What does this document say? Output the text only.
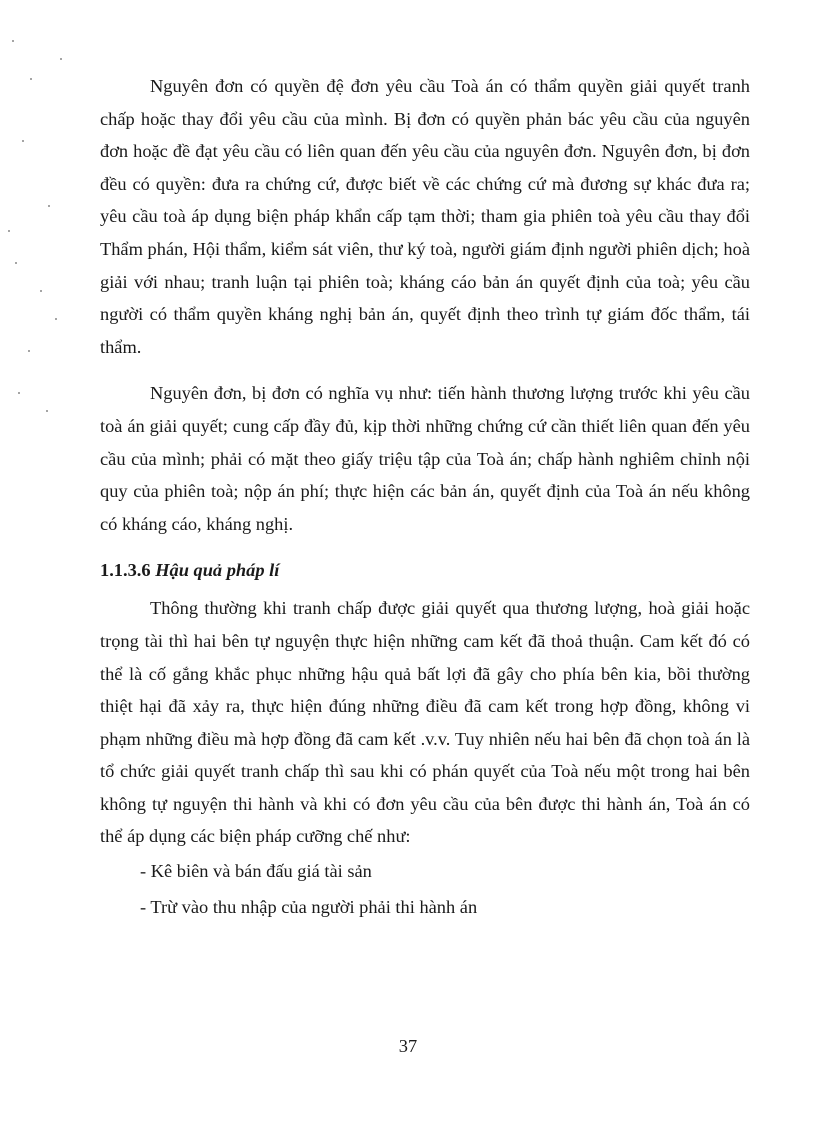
Nguyên đơn có quyền đệ đơn yêu cầu Toà án có thẩm quyền giải quyết tranh chấp hoặc thay đổi yêu cầu của mình. Bị đơn có quyền phản bác yêu cầu của nguyên đơn hoặc đề đạt yêu cầu có liên quan đến yêu cầu của nguyên đơn. Nguyên đơn, bị đơn đều có quyền: đưa ra chứng cứ, được biết về các chứng cứ mà đương sự khác đưa ra; yêu cầu toà áp dụng biện pháp khẩn cấp tạm thời; tham gia phiên toà yêu cầu thay đổi Thẩm phán, Hội thẩm, kiểm sát viên, thư ký toà, người giám định người phiên dịch; hoà giải với nhau; tranh luận tại phiên toà; kháng cáo bản án quyết định của toà; yêu cầu người có thẩm quyền kháng nghị bản án, quyết định theo trình tự giám đốc thẩm, tái thẩm.

Nguyên đơn, bị đơn có nghĩa vụ như: tiến hành thương lượng trước khi yêu cầu toà án giải quyết; cung cấp đầy đủ, kịp thời những chứng cứ cần thiết liên quan đến yêu cầu của mình; phải có mặt theo giấy triệu tập của Toà án; chấp hành nghiêm chỉnh nội quy của phiên toà; nộp án phí; thực hiện các bản án, quyết định của Toà án nếu không có kháng cáo, kháng nghị.

1.1.3.6 Hậu quả pháp lí

Thông thường khi tranh chấp được giải quyết qua thương lượng, hoà giải hoặc trọng tài thì hai bên tự nguyện thực hiện những cam kết đã thoả thuận. Cam kết đó có thể là cố gắng khắc phục những hậu quả bất lợi đã gây cho phía bên kia, bồi thường thiệt hại đã xảy ra, thực hiện đúng những điều đã cam kết trong hợp đồng, không vi phạm những điều mà hợp đồng đã cam kết .v.v. Tuy nhiên nếu hai bên đã chọn toà án là tổ chức giải quyết tranh chấp thì sau khi có phán quyết của Toà nếu một trong hai bên không tự nguyện thi hành và khi có đơn yêu cầu của bên được thi hành án, Toà án có thể áp dụng các biện pháp cưỡng chế như:

- Kê biên và bán đấu giá tài sản

- Trừ vào thu nhập của người phải thi hành án

37
